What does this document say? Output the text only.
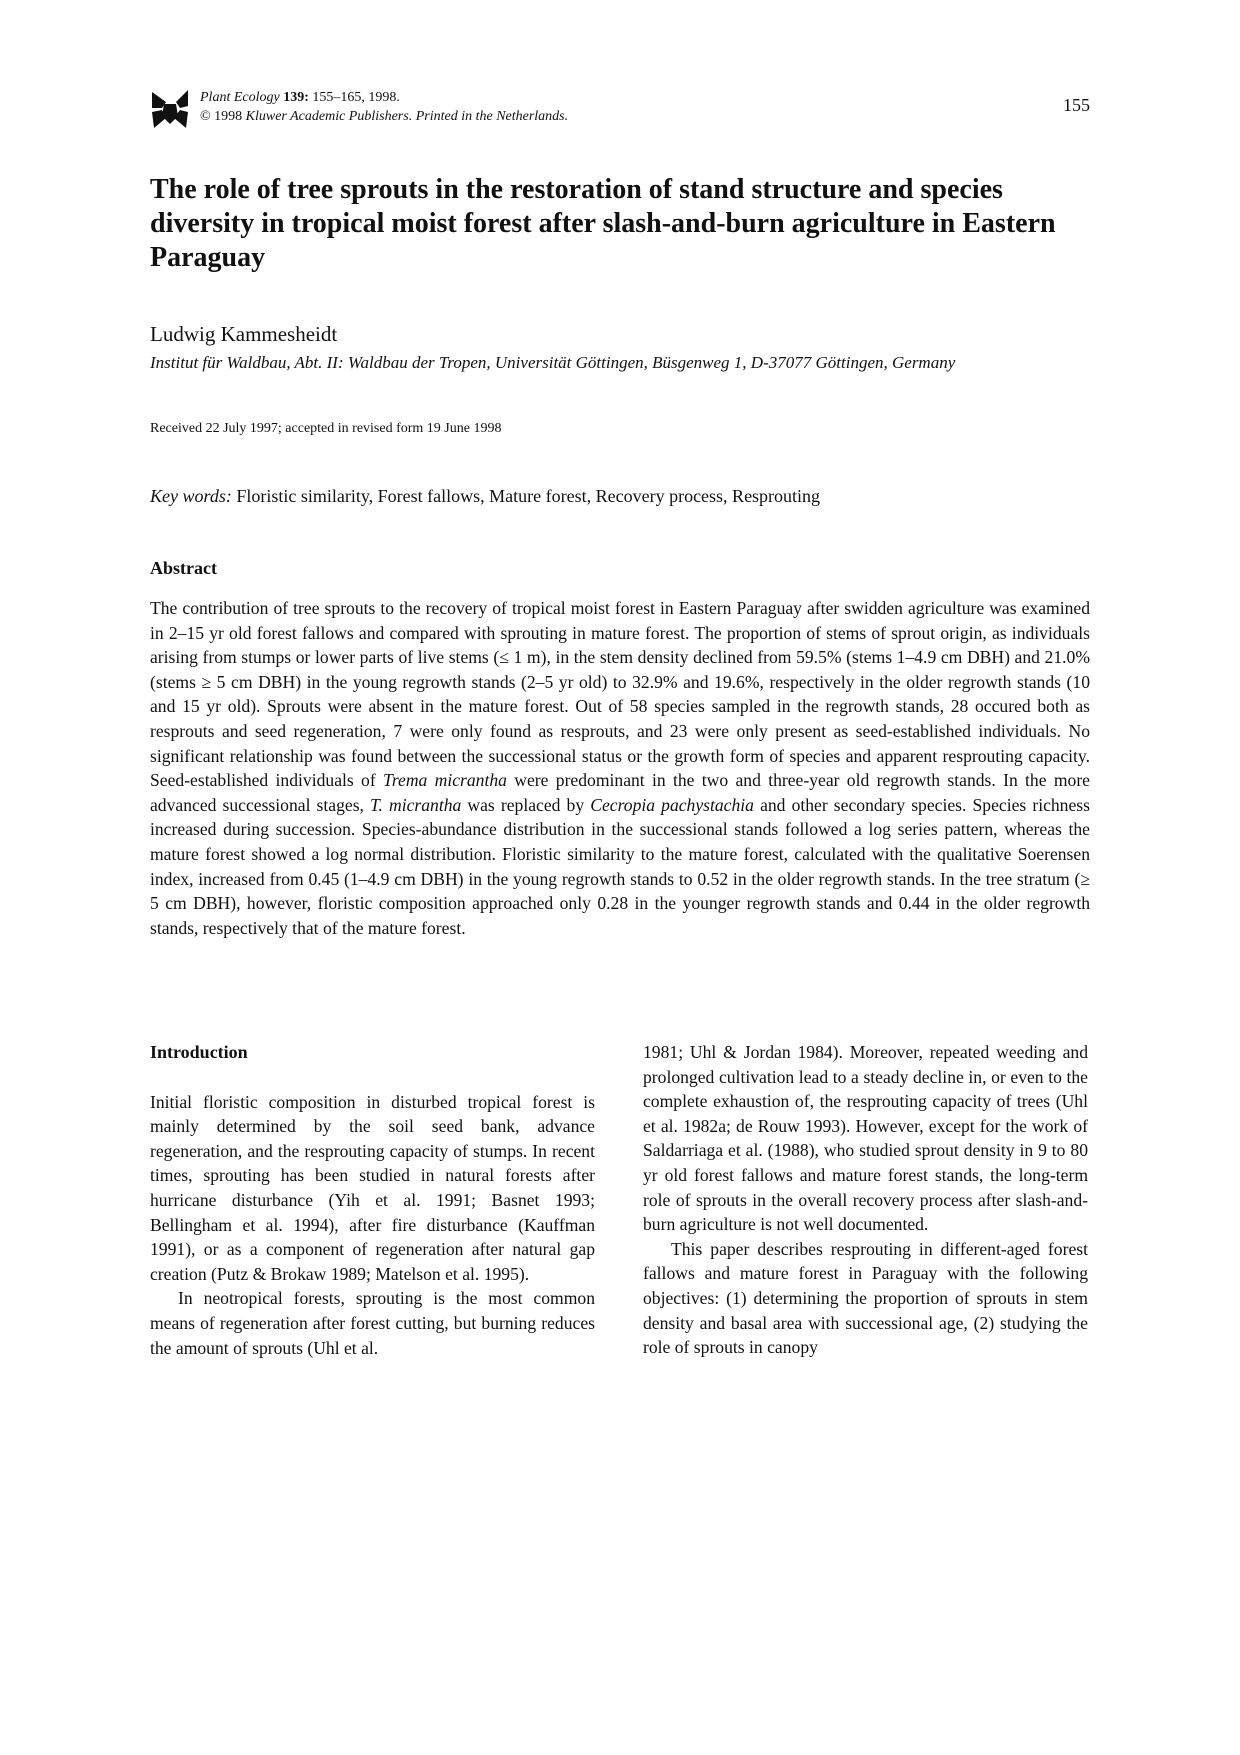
Plant Ecology 139: 155–165, 1998.
© 1998 Kluwer Academic Publishers. Printed in the Netherlands.
155
The role of tree sprouts in the restoration of stand structure and species diversity in tropical moist forest after slash-and-burn agriculture in Eastern Paraguay
Ludwig Kammesheidt
Institut für Waldbau, Abt. II: Waldbau der Tropen, Universität Göttingen, Büsgenweg 1, D-37077 Göttingen, Germany
Received 22 July 1997; accepted in revised form 19 June 1998
Key words: Floristic similarity, Forest fallows, Mature forest, Recovery process, Resprouting
Abstract

The contribution of tree sprouts to the recovery of tropical moist forest in Eastern Paraguay after swidden agriculture was examined in 2–15 yr old forest fallows and compared with sprouting in mature forest. The proportion of stems of sprout origin, as individuals arising from stumps or lower parts of live stems (≤ 1 m), in the stem density declined from 59.5% (stems 1–4.9 cm DBH) and 21.0% (stems ≥ 5 cm DBH) in the young regrowth stands (2–5 yr old) to 32.9% and 19.6%, respectively in the older regrowth stands (10 and 15 yr old). Sprouts were absent in the mature forest. Out of 58 species sampled in the regrowth stands, 28 occured both as resprouts and seed regeneration, 7 were only found as resprouts, and 23 were only present as seed-established individuals. No significant relationship was found between the successional status or the growth form of species and apparent resprouting capacity. Seed-established individuals of Trema micrantha were predominant in the two and three-year old regrowth stands. In the more advanced successional stages, T. micrantha was replaced by Cecropia pachystachia and other secondary species. Species richness increased during succession. Species-abundance distribution in the successional stands followed a log series pattern, whereas the mature forest showed a log normal distribution. Floristic similarity to the mature forest, calculated with the qualitative Soerensen index, increased from 0.45 (1–4.9 cm DBH) in the young regrowth stands to 0.52 in the older regrowth stands. In the tree stratum (≥ 5 cm DBH), however, floristic composition approached only 0.28 in the younger regrowth stands and 0.44 in the older regrowth stands, respectively that of the mature forest.

Introduction

Initial floristic composition in disturbed tropical forest is mainly determined by the soil seed bank, advance regeneration, and the resprouting capacity of stumps. In recent times, sprouting has been studied in natural forests after hurricane disturbance (Yih et al. 1991; Basnet 1993; Bellingham et al. 1994), after fire disturbance (Kauffman 1991), or as a component of regeneration after natural gap creation (Putz & Brokaw 1989; Matelson et al. 1995).

In neotropical forests, sprouting is the most common means of regeneration after forest cutting, but burning reduces the amount of sprouts (Uhl et al.

1981; Uhl & Jordan 1984). Moreover, repeated weeding and prolonged cultivation lead to a steady decline in, or even to the complete exhaustion of, the resprouting capacity of trees (Uhl et al. 1982a; de Rouw 1993). However, except for the work of Saldarriaga et al. (1988), who studied sprout density in 9 to 80 yr old forest fallows and mature forest stands, the long-term role of sprouts in the overall recovery process after slash-and-burn agriculture is not well documented.

This paper describes resprouting in different-aged forest fallows and mature forest in Paraguay with the following objectives: (1) determining the proportion of sprouts in stem density and basal area with successional age, (2) studying the role of sprouts in canopy
